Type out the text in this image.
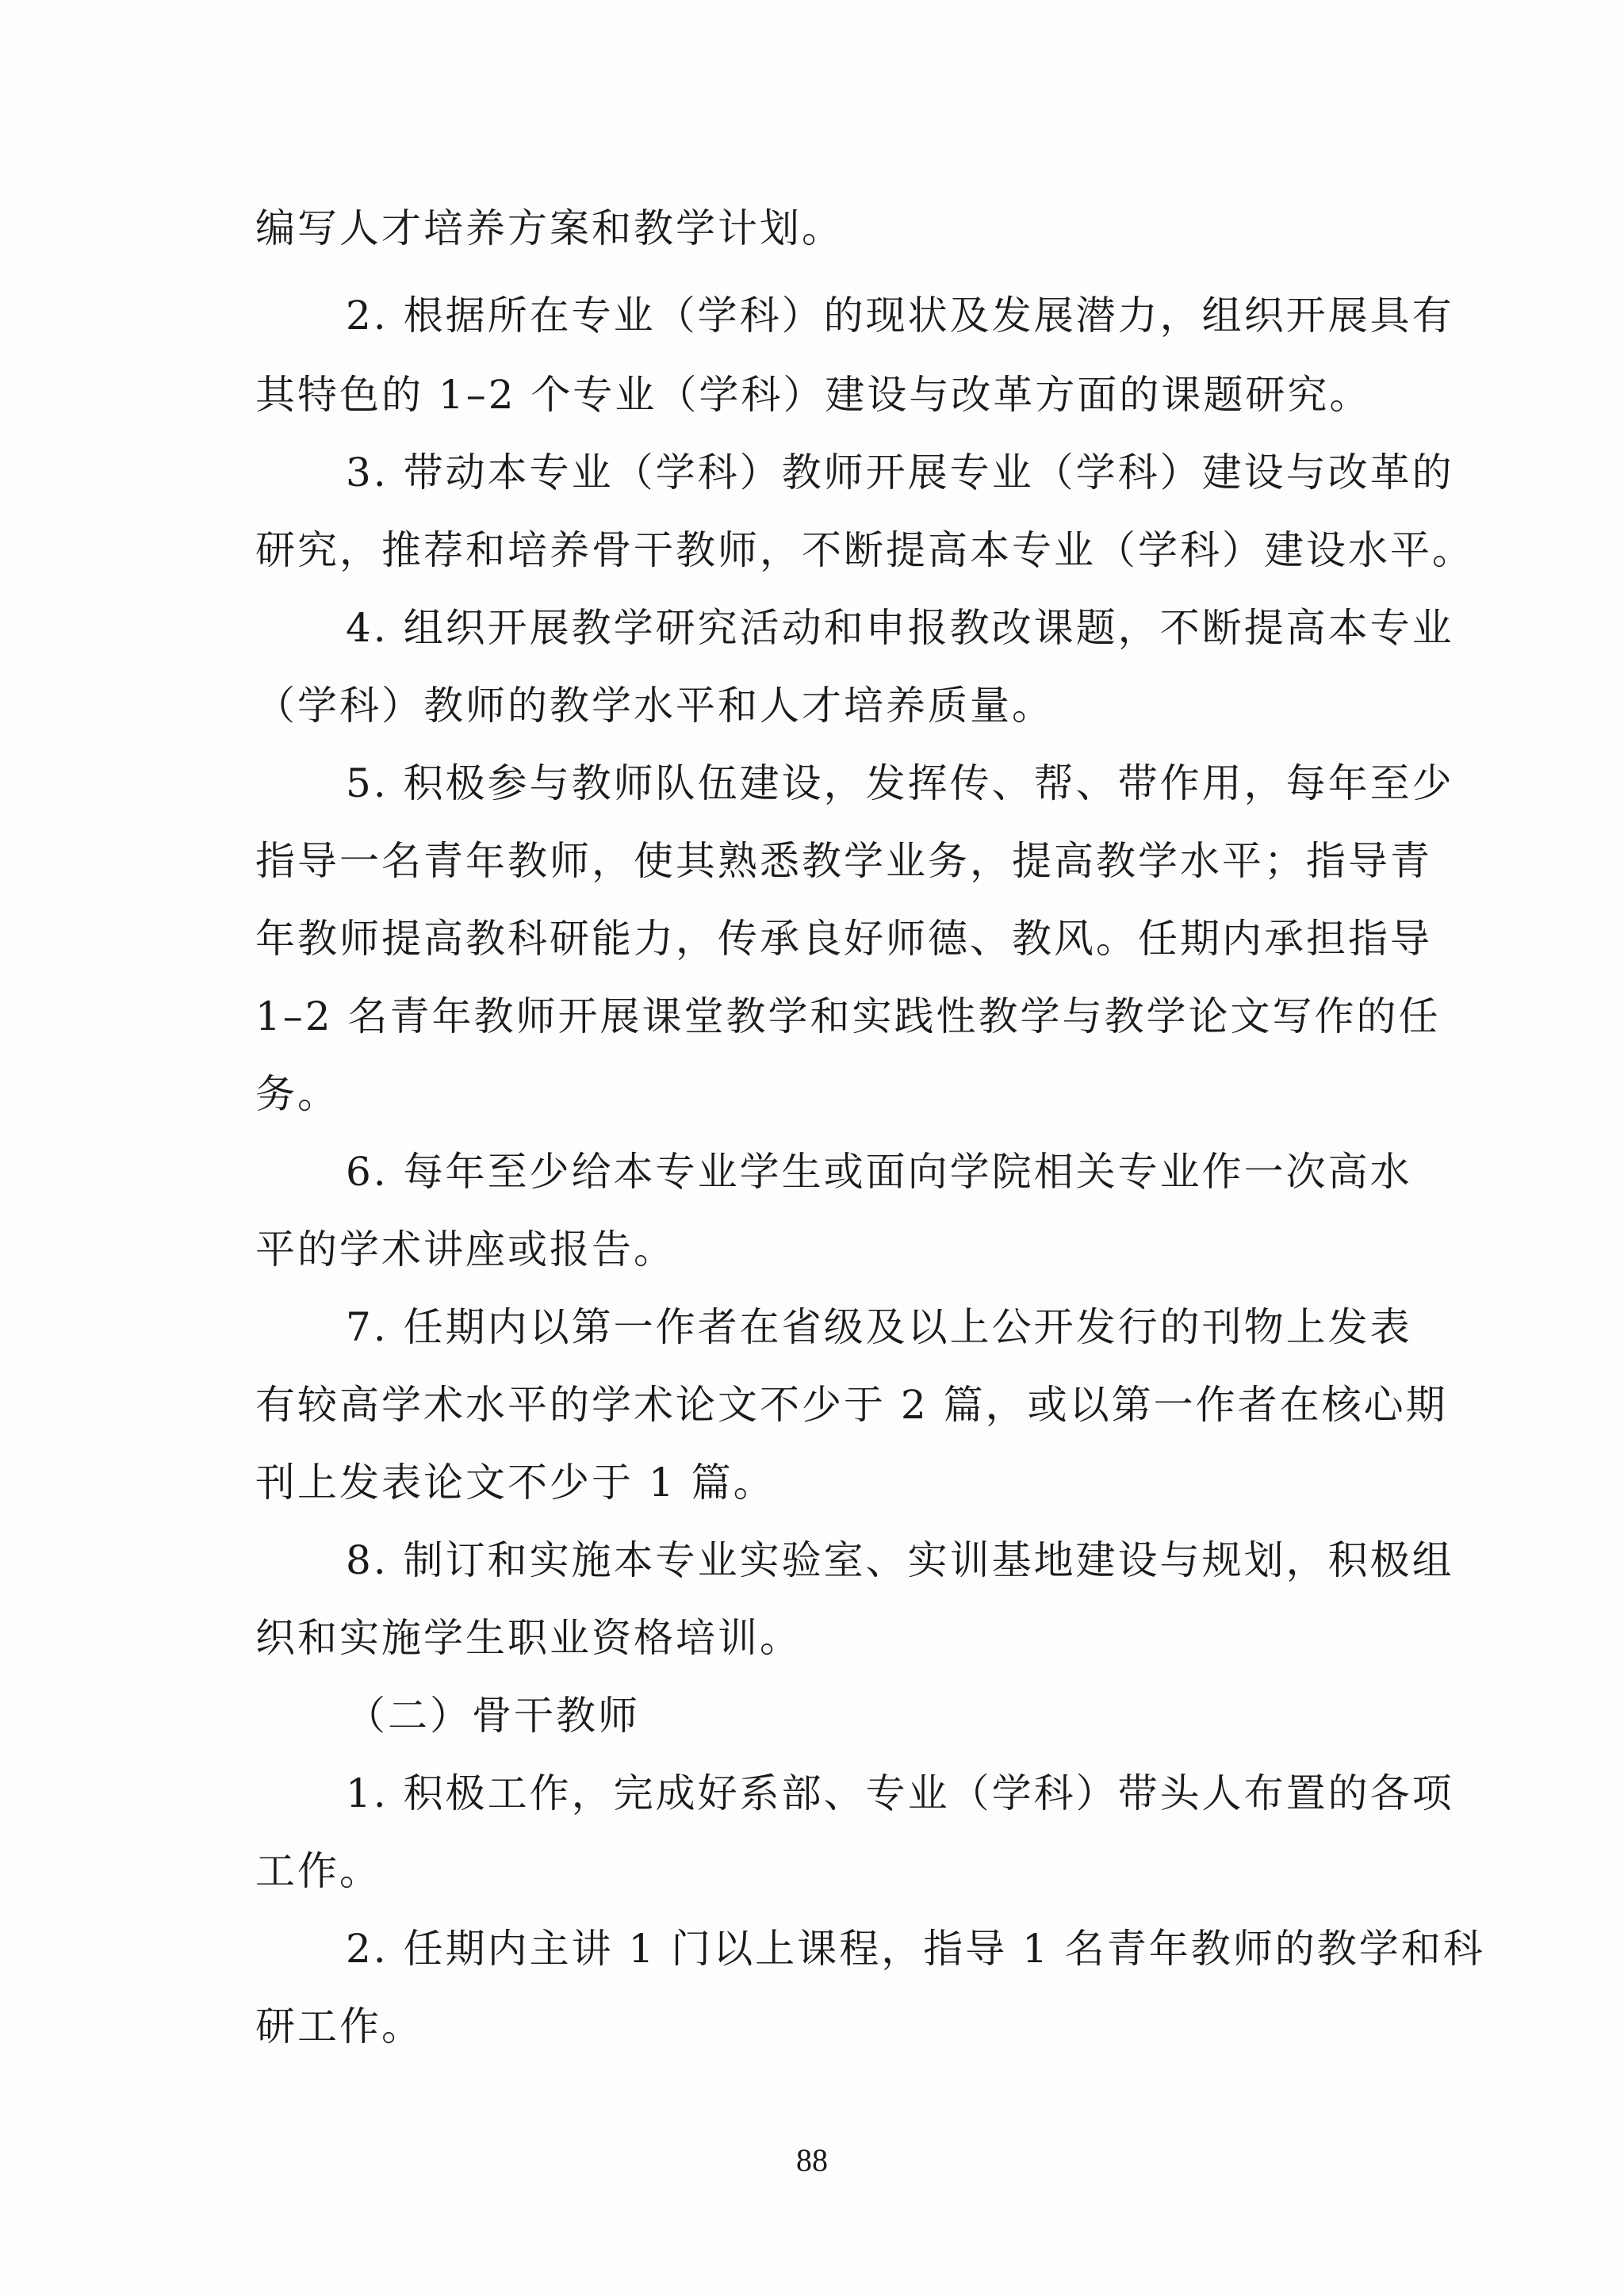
编写人才培养方案和教学计划。

2. 根据所在专业（学科）的现状及发展潜力，组织开展具有

其特色的 1–2 个专业（学科）建设与改革方面的课题研究。

3. 带动本专业（学科）教师开展专业（学科）建设与改革的

研究，推荐和培养骨干教师，不断提高本专业（学科）建设水平。

4. 组织开展教学研究活动和申报教改课题，不断提高本专业

（学科）教师的教学水平和人才培养质量。

5. 积极参与教师队伍建设，发挥传、帮、带作用，每年至少

指导一名青年教师，使其熟悉教学业务，提高教学水平；指导青

年教师提高教科研能力，传承良好师德、教风。任期内承担指导

1–2 名青年教师开展课堂教学和实践性教学与教学论文写作的任

务。

6. 每年至少给本专业学生或面向学院相关专业作一次高水

平的学术讲座或报告。

7. 任期内以第一作者在省级及以上公开发行的刊物上发表

有较高学术水平的学术论文不少于 2 篇，或以第一作者在核心期

刊上发表论文不少于 1 篇。

8. 制订和实施本专业实验室、实训基地建设与规划，积极组

织和实施学生职业资格培训。

（二）骨干教师

1. 积极工作，完成好系部、专业（学科）带头人布置的各项

工作。

2. 任期内主讲 1 门以上课程，指导 1 名青年教师的教学和科

研工作。

88
